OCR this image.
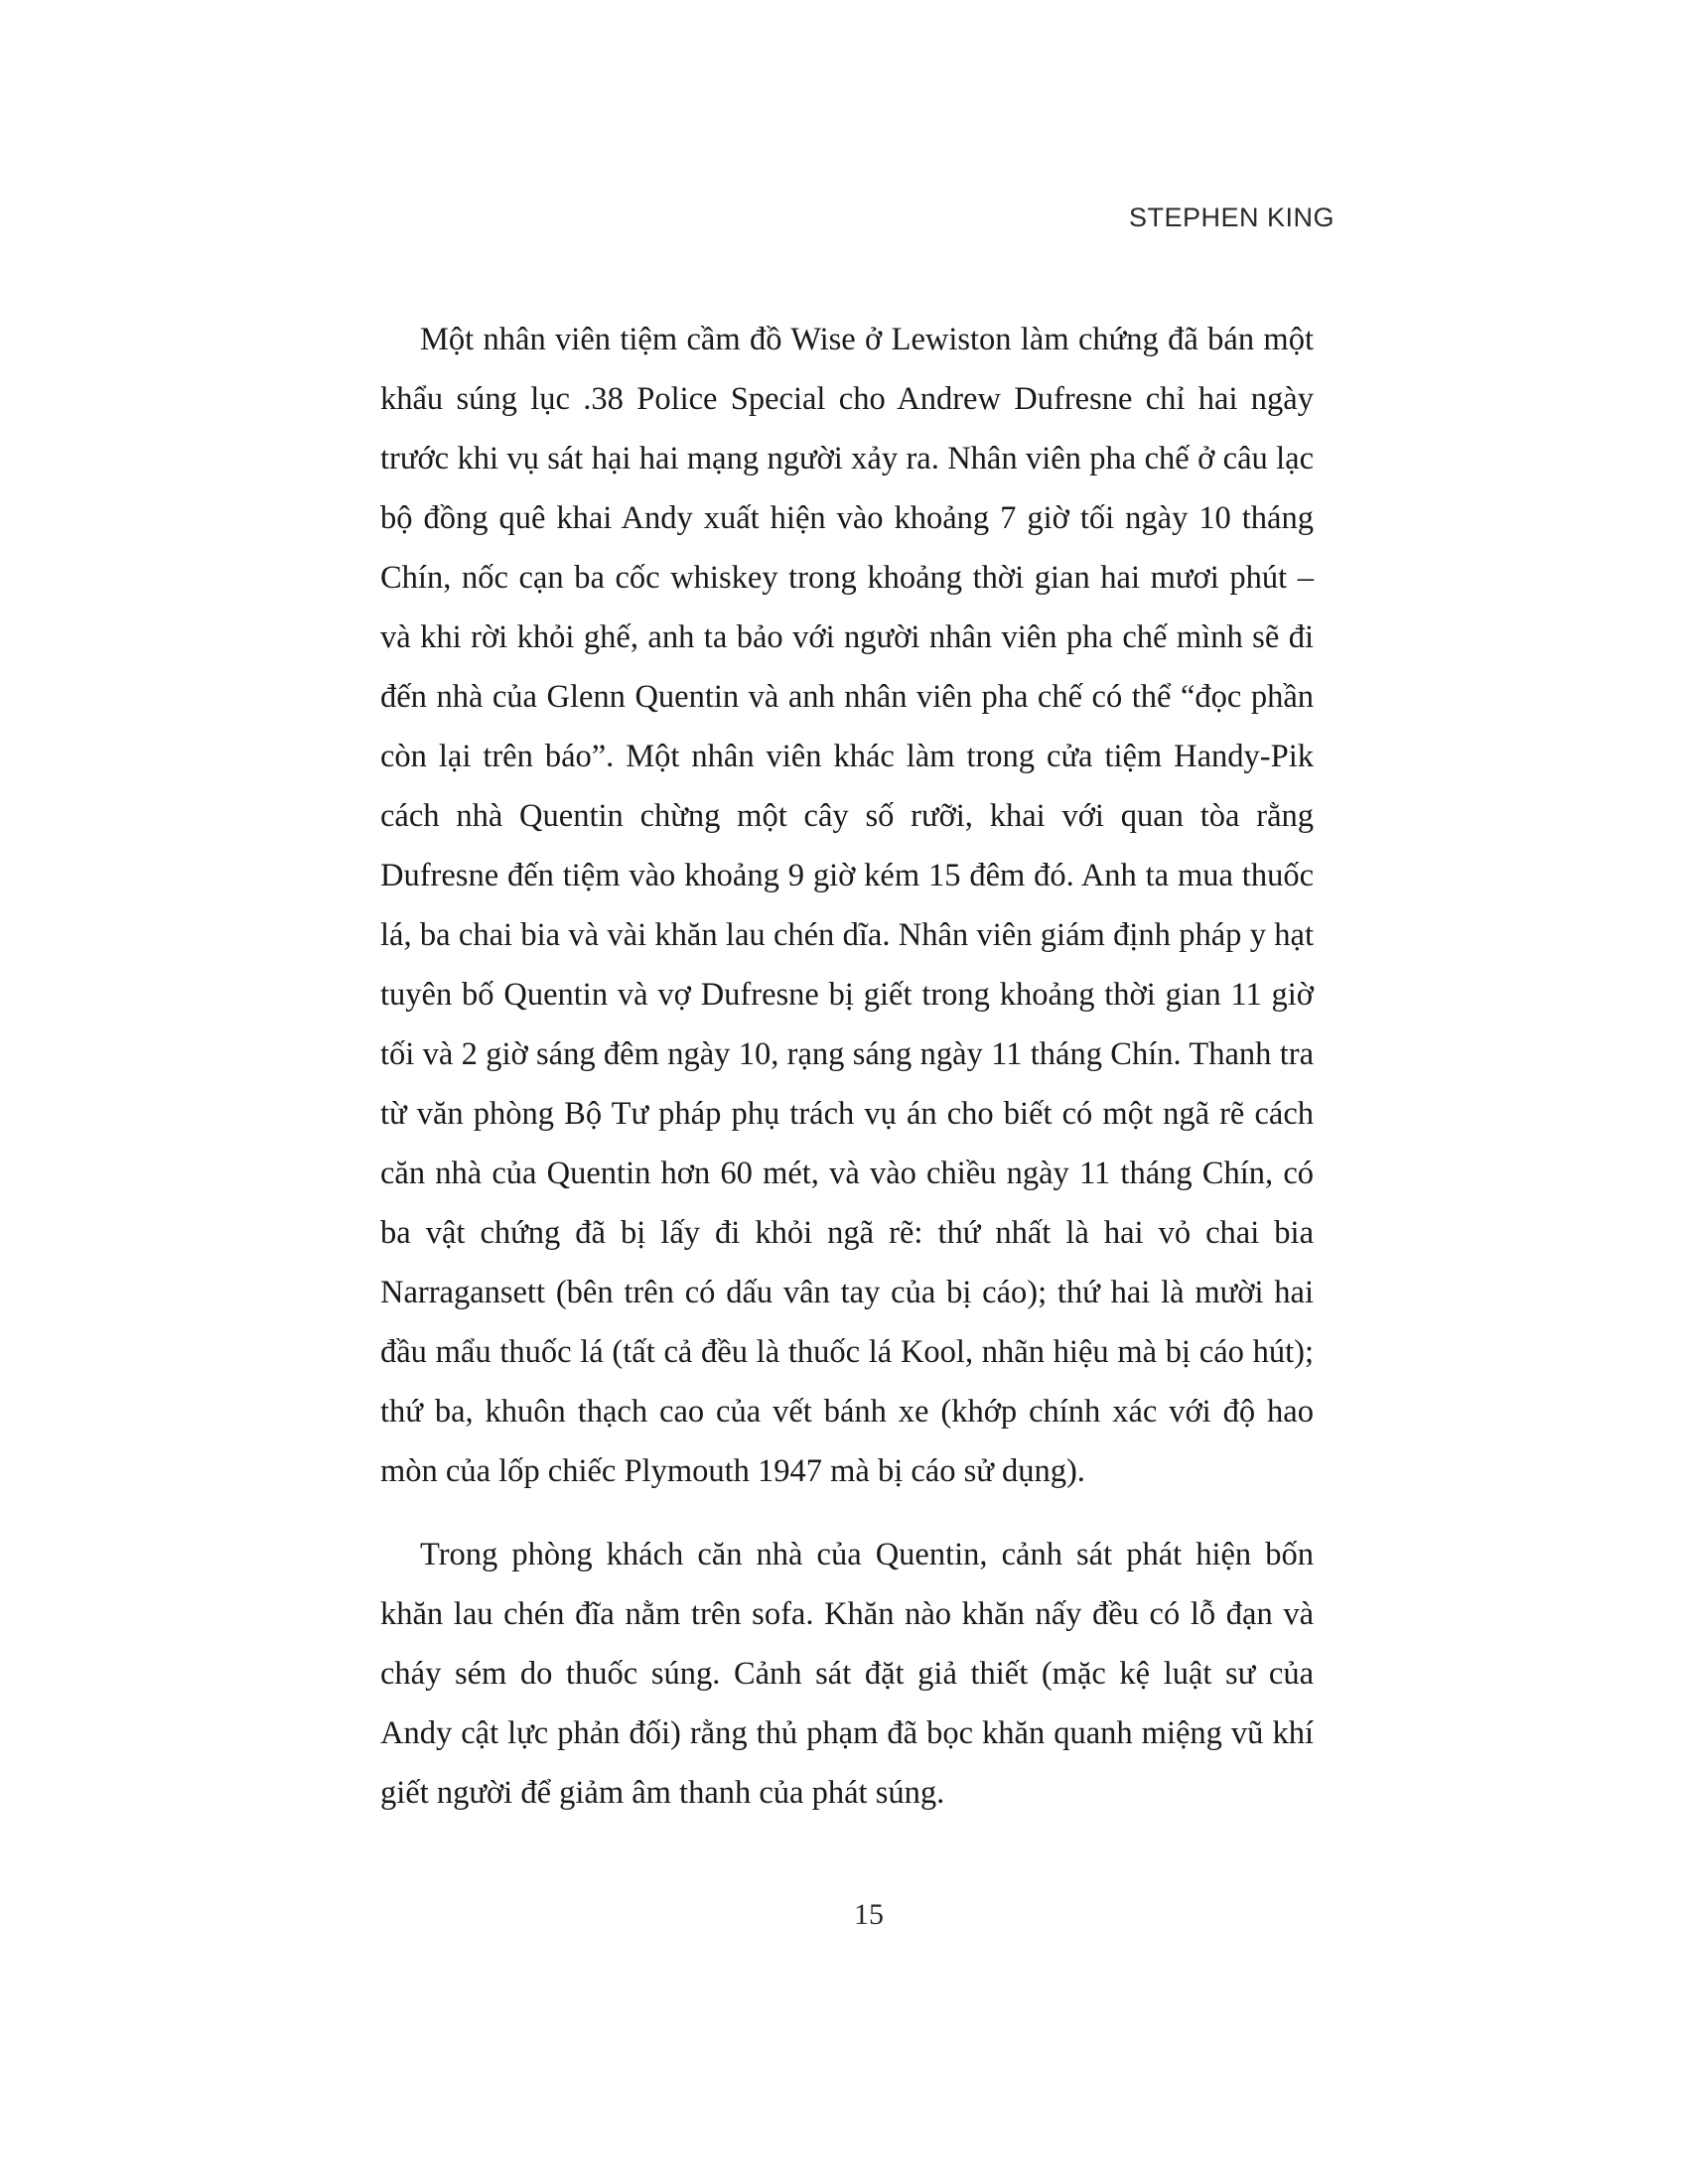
STEPHEN KING

Một nhân viên tiệm cầm đồ Wise ở Lewiston làm chứng đã bán một khẩu súng lục .38 Police Special cho Andrew Dufresne chỉ hai ngày trước khi vụ sát hại hai mạng người xảy ra. Nhân viên pha chế ở câu lạc bộ đồng quê khai Andy xuất hiện vào khoảng 7 giờ tối ngày 10 tháng Chín, nốc cạn ba cốc whiskey trong khoảng thời gian hai mươi phút – và khi rời khỏi ghế, anh ta bảo với người nhân viên pha chế mình sẽ đi đến nhà của Glenn Quentin và anh nhân viên pha chế có thể “đọc phần còn lại trên báo”. Một nhân viên khác làm trong cửa tiệm Handy-Pik cách nhà Quentin chừng một cây số rưỡi, khai với quan tòa rằng Dufresne đến tiệm vào khoảng 9 giờ kém 15 đêm đó. Anh ta mua thuốc lá, ba chai bia và vài khăn lau chén dĩa. Nhân viên giám định pháp y hạt tuyên bố Quentin và vợ Dufresne bị giết trong khoảng thời gian 11 giờ tối và 2 giờ sáng đêm ngày 10, rạng sáng ngày 11 tháng Chín. Thanh tra từ văn phòng Bộ Tư pháp phụ trách vụ án cho biết có một ngã rẽ cách căn nhà của Quentin hơn 60 mét, và vào chiều ngày 11 tháng Chín, có ba vật chứng đã bị lấy đi khỏi ngã rẽ: thứ nhất là hai vỏ chai bia Narragansett (bên trên có dấu vân tay của bị cáo); thứ hai là mười hai đầu mẩu thuốc lá (tất cả đều là thuốc lá Kool, nhãn hiệu mà bị cáo hút); thứ ba, khuôn thạch cao của vết bánh xe (khớp chính xác với độ hao mòn của lốp chiếc Plymouth 1947 mà bị cáo sử dụng).

Trong phòng khách căn nhà của Quentin, cảnh sát phát hiện bốn khăn lau chén đĩa nằm trên sofa. Khăn nào khăn nấy đều có lỗ đạn và cháy sém do thuốc súng. Cảnh sát đặt giả thiết (mặc kệ luật sư của Andy cật lực phản đối) rằng thủ phạm đã bọc khăn quanh miệng vũ khí giết người để giảm âm thanh của phát súng.

15
